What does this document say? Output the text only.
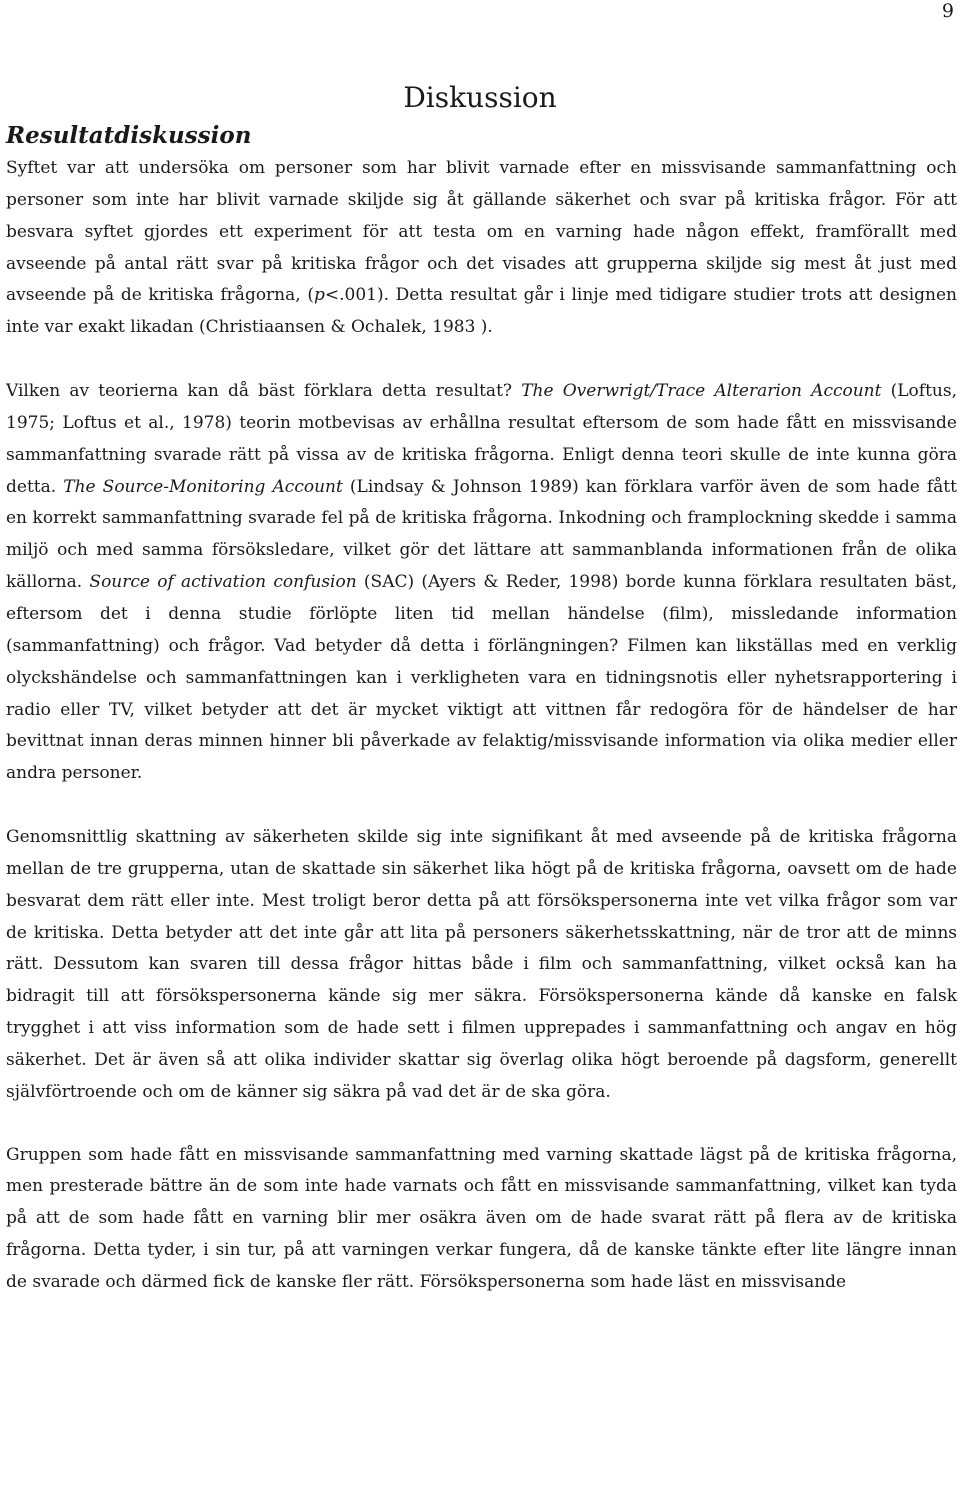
9
Diskussion
Resultatdiskussion

Syftet var att undersöka om personer som har blivit varnade efter en missvisande sammanfattning och personer som inte har blivit varnade skiljde sig åt gällande säkerhet och svar på kritiska frågor. För att besvara syftet gjordes ett experiment för att testa om en varning hade någon effekt, framförallt med avseende på antal rätt svar på kritiska frågor och det visades att grupperna skiljde sig mest åt just med avseende på de kritiska frågorna, (p<.001). Detta resultat går i linje med tidigare studier trots att designen inte var exakt likadan (Christiaansen & Ochalek, 1983 ).

Vilken av teorierna kan då bäst förklara detta resultat? The Overwrigt/Trace Alterarion Account (Loftus, 1975; Loftus et al., 1978) teorin motbevisas av erhållna resultat eftersom de som hade fått en missvisande sammanfattning svarade rätt på vissa av de kritiska frågorna. Enligt denna teori skulle de inte kunna göra detta. The Source-Monitoring Account (Lindsay & Johnson 1989) kan förklara varför även de som hade fått en korrekt sammanfattning svarade fel på de kritiska frågorna. Inkodning och framplockning skedde i samma miljö och med samma försöksledare, vilket gör det lättare att sammanblanda informationen från de olika källorna. Source of activation confusion (SAC) (Ayers & Reder, 1998) borde kunna förklara resultaten bäst, eftersom det i denna studie förlöpte liten tid mellan händelse (film), missledande information (sammanfattning) och frågor. Vad betyder då detta i förlängningen? Filmen kan likställas med en verklig olyckshändelse och sammanfattningen kan i verkligheten vara en tidningsnotis eller nyhetsrapportering i radio eller TV, vilket betyder att det är mycket viktigt att vittnen får redogöra för de händelser de har bevittnat innan deras minnen hinner bli påverkade av felaktig/missvisande information via olika medier eller andra personer.

Genomsnittlig skattning av säkerheten skilde sig inte signifikant åt med avseende på de kritiska frågorna mellan de tre grupperna, utan de skattade sin säkerhet lika högt på de kritiska frågorna, oavsett om de hade besvarat dem rätt eller inte. Mest troligt beror detta på att försökspersonerna inte vet vilka frågor som var de kritiska. Detta betyder att det inte går att lita på personers säkerhetsskattning, när de tror att de minns rätt. Dessutom kan svaren till dessa frågor hittas både i film och sammanfattning, vilket också kan ha bidragit till att försökspersonerna kände sig mer säkra. Försökspersonerna kände då kanske en falsk trygghet i att viss information som de hade sett i filmen upprepades i sammanfattning och angav en hög säkerhet. Det är även så att olika individer skattar sig överlag olika högt beroende på dagsform, generellt självförtroende och om de känner sig säkra på vad det är de ska göra.

Gruppen som hade fått en missvisande sammanfattning med varning skattade lägst på de kritiska frågorna, men presterade bättre än de som inte hade varnats och fått en missvisande sammanfattning, vilket kan tyda på att de som hade fått en varning blir mer osäkra även om de hade svarat rätt på flera av de kritiska frågorna. Detta tyder, i sin tur, på att varningen verkar fungera, då de kanske tänkte efter lite längre innan de svarade och därmed fick de kanske fler rätt. Försökspersonerna som hade läst en missvisande
